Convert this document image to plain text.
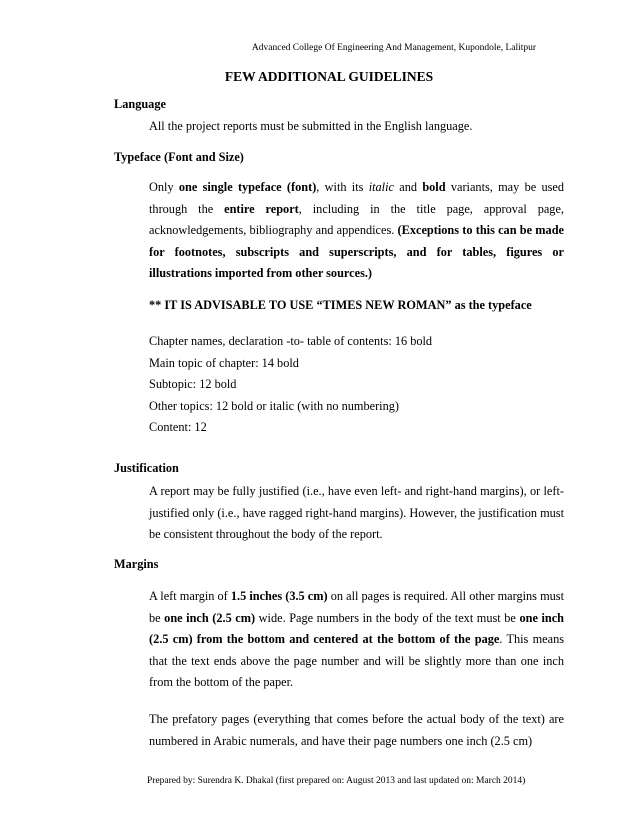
Advanced College Of Engineering And Management, Kupondole, Lalitpur
FEW ADDITIONAL GUIDELINES
Language
All the project reports must be submitted in the English language.
Typeface (Font and Size)
Only one single typeface (font), with its italic and bold variants, may be used through the entire report, including in the title page, approval page, acknowledgements, bibliography and appendices. (Exceptions to this can be made for footnotes, subscripts and superscripts, and for tables, figures or illustrations imported from other sources.)
** IT IS ADVISABLE TO USE “TIMES NEW ROMAN” as the typeface
Chapter names, declaration -to- table of contents: 16 bold
Main topic of chapter: 14 bold
Subtopic: 12 bold
Other topics: 12 bold or italic (with no numbering)
Content: 12
Justification
A report may be fully justified (i.e., have even left- and right-hand margins), or left-justified only (i.e., have ragged right-hand margins). However, the justification must be consistent throughout the body of the report.
Margins
A left margin of 1.5 inches (3.5 cm) on all pages is required. All other margins must be one inch (2.5 cm) wide. Page numbers in the body of the text must be one inch (2.5 cm) from the bottom and centered at the bottom of the page. This means that the text ends above the page number and will be slightly more than one inch from the bottom of the paper.
The prefatory pages (everything that comes before the actual body of the text) are numbered in Arabic numerals, and have their page numbers one inch (2.5 cm)
Prepared by: Surendra K. Dhakal (first prepared on: August 2013 and last updated on: March 2014)
